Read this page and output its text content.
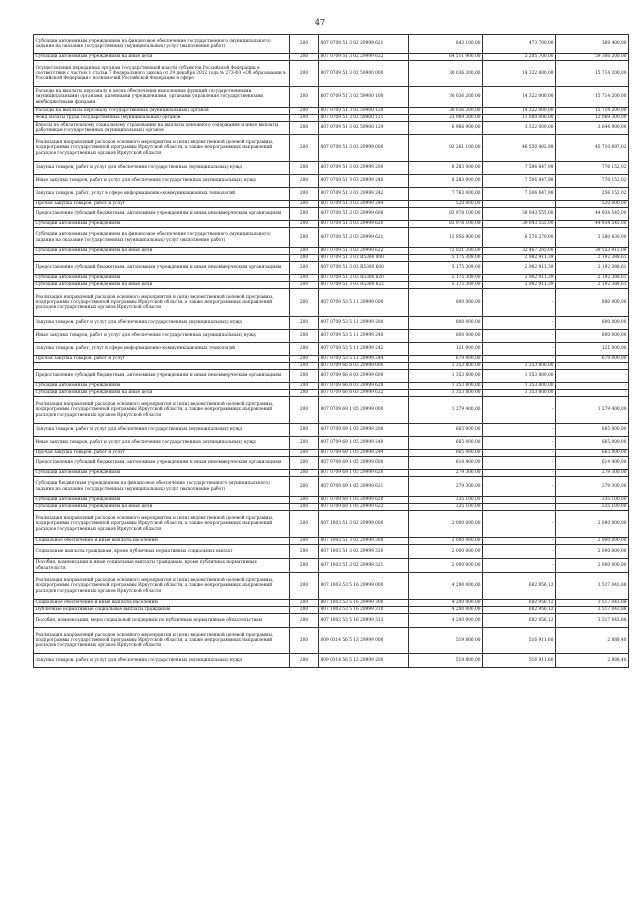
47
Субсидии автономным учреждениям на финансовое обеспечение государственного (муниципального) задания на оказание государственных (муниципальных) услуг (выполнение работ)	200	807 0709 51 3 02 29999 621	843 100,00	473 700,00	369 400,00
Субсидии автономным учреждениям на иные цели	200	807 0709 51 3 02 29999 622	64 511 900,00	5 205 700,00	59 306 200,00
Осуществление переданных органам государственной власти субъектов Российской Федерации в соответствии с частью 1 статьи 7 Федерального закона от 29 декабря 2012 года № 273-ФЗ «Об образовании в Российской Федерации» полномочий Российской Федерации в сфере	200	807 0709 51 3 02 59900 000	30 036 200,00	14 322 000,00	15 714 200,00
Расходы на выплаты персоналу в целях обеспечения выполнения функций государственными (муниципальными) органами, казенными учреждениями, органами управления государственными внебюджетными фондами	200	807 0709 51 3 02 59900 100	30 036 200,00	14 322 000,00	15 714 200,00
Расходы на выплаты персоналу государственных (муниципальных) органов	200	807 0709 51 3 02 59900 120	30 036 200,00	14 322 000,00	15 714 200,00
Фонд оплаты труда государственных (муниципальных) органов	200	807 0709 51 3 02 59900 121	23 069 300,00	11 000 000,00	12 069 300,00
Взносы по обязательному социальному страхованию на выплаты денежного содержания и иные выплаты работникам государственных (муниципальных) органов	200	807 0709 51 3 02 59900 129	6 966 900,00	3 322 000,00	3 644 900,00
Реализация направлений расходов основного мероприятия и (или) ведомственной целевой программы, подпрограммы государственной программы Иркутской области, а также непрограммных направлений расходов государственных органов Иркутской области	200	807 0709 51 3 03 29999 000	92 261 100,00	46 550 402,98	45 710 697,02
Закупка товаров, работ и услуг для обеспечения государственных (муниципальных) нужд	200	807 0709 51 3 03 29999 200	8 283 000,00	7 506 847,98	776 152,02
Иные закупки товаров, работ и услуг для обеспечения государственных (муниципальных) нужд	200	807 0709 51 3 03 29999 240	8 283 000,00	7 506 847,98	776 152,02
Закупка товаров, работ, услуг в сфере информационно-коммуникационных технологий	200	807 0709 51 3 03 29999 242	7 763 000,00	7 506 847,98	256 152,02
Прочая закупка товаров, работ и услуг	200	807 0709 51 3 03 29999 244	520 000,00	-	520 000,00
Предоставление субсидий бюджетным, автономным учреждениям и иным некоммерческим организациям	200	807 0709 51 3 03 29999 600	83 978 100,00	39 043 555,00	44 934 545,00
Субсидии автономным учреждениям	200	807 0709 51 3 03 29999 620	83 978 100,00	39 043 555,00	44 934 545,00
Субсидии автономным учреждениям на финансовое обеспечение государственного (муниципального) задания на оказание государственных (муниципальных) услуг (выполнение работ)	200	807 0709 51 3 03 29999 621	11 956 900,00	6 576 270,00	5 380 630,00
Субсидии автономным учреждениям на иные цели	200	807 0709 51 3 03 29999 622	72 021 200,00	32 467 285,00	39 553 915,00
	200	807 0709 51 3 03 R5380 000	5 175 309,00	2 982 911,39	2 192 388,61
Предоставление субсидий бюджетным, автономным учреждениям и иным некоммерческим организациям	200	807 0709 51 3 03 R5380 600	5 175 309,00	2 982 911,39	2 192 388,61
Субсидии автономным учреждениям	200	807 0709 51 3 03 R5380 620	5 175 309,00	2 982 911,39	2 192 388,61
Субсидии автономным учреждениям на иные цели	200	807 0709 51 3 03 R5380 622	5 175 309,00	2 982 911,39	2 192 388,61
Реализация направлений расходов основного мероприятия и (или) ведомственной целевой программы, подпрограммы государственной программы Иркутской области, а также непрограммных направлений расходов государственных органов Иркутской области	200	807 0709 53 5 11 29999 000	800 000,00	-	800 000,00
Закупка товаров, работ и услуг для обеспечения государственных (муниципальных) нужд	200	807 0709 53 5 11 29999 200	800 000,00	-	800 000,00
Иные закупки товаров, работ и услуг для обеспечения государственных (муниципальных) нужд	200	807 0709 53 5 11 29999 240	800 000,00	-	800 000,00
Закупка товаров, работ, услуг в сфере информационно-коммуникационных технологий	200	807 0709 53 5 11 29999 242	121 000,00	-	121 000,00
Прочая закупка товаров, работ и услуг	200	807 0709 53 5 11 29999 244	679 000,00	-	679 000,00
	200	807 0709 66 8 03 29999 000	1 353 800,00	1 353 800,00	-
Предоставление субсидий бюджетным, автономным учреждениям и иным некоммерческим организациям	200	807 0709 66 8 03 29999 600	1 353 800,00	1 353 800,00	-
Субсидии автономным учреждениям	200	807 0709 66 8 03 29999 620	1 353 800,00	1 353 800,00	-
Субсидии автономным учреждениям на иные цели	200	807 0709 66 8 03 29999 622	1 353 800,00	1 353 800,00	-
Реализация направлений расходов основного мероприятия и (или) ведомственной целевой программы, подпрограммы государственной программы Иркутской области, а также непрограммных направлений расходов государственных органов Иркутской области	200	807 0709 69 1 05 29999 000	1 279 400,00	-	1 279 400,00
Закупка товаров, работ и услуг для обеспечения государственных (муниципальных) нужд	200	807 0709 69 1 05 29999 200	665 000,00	-	665 000,00
Иные закупки товаров, работ и услуг для обеспечения государственных (муниципальных) нужд	200	807 0709 69 1 05 29999 240	665 000,00	-	665 000,00
Прочая закупка товаров, работ и услуг	200	807 0709 69 1 05 29999 244	665 000,00	-	665 000,00
Предоставление субсидий бюджетным, автономным учреждениям и иным некоммерческим организациям	200	807 0709 69 1 05 29999 600	614 400,00	-	614 400,00
Субсидии автономным учреждениям	200	807 0709 69 1 05 29999 620	279 300,00	-	279 300,00
Субсидии бюджетным учреждениям на финансовое обеспечение государственного (муниципального) задания на оказание государственных (муниципальных) услуг (выполнение работ)	200	807 0709 69 1 05 29999 621	279 300,00	-	279 300,00
Субсидии автономным учреждениям	200	807 0709 69 1 05 29999 620	335 100,00	-	335 100,00
Субсидии автономным учреждениям на иные цели	200	807 0709 69 1 05 29999 622	335 100,00	-	335 100,00
Реализация направлений расходов основного мероприятия и (или) ведомственной целевой программы, подпрограммы государственной программы Иркутской области, а также непрограммных направлений расходов государственных органов Иркутской области	200	807 1003 51 3 02 29999 000	2 000 000,00	-	2 000 000,00
Социальное обеспечение и иные выплаты населению	200	807 1003 51 3 02 29999 300	2 000 000,00	-	2 000 000,00
Социальные выплаты гражданам, кроме публичных нормативных социальных выплат	200	807 1003 51 3 02 29999 320	2 000 000,00	-	2 000 000,00
Пособия, компенсации и иные социальные выплаты гражданам, кроме публичных нормативных обязательств	200	807 1003 51 3 02 29999 321	2 000 000,00	-	2 000 000,00
Реализация направлений расходов основного мероприятия и (или) ведомственной целевой программы, подпрограммы государственной программы Иркутской области, а также непрограммных направлений расходов государственных органов Иркутской области	200	807 1003 53 5 16 29999 000	4 200 000,00	682 956,12	3 517 043,88
Социальное обеспечение и иные выплаты населению	200	807 1003 53 5 16 29999 300	4 200 000,00	682 956,12	3 517 043,88
Публичные нормативные социальные выплаты гражданам	200	807 1003 53 5 16 29999 310	4 200 000,00	682 956,12	3 517 043,88
Пособия, компенсации, меры социальной поддержки по публичным нормативным обязательствам	200	807 1003 53 5 16 29999 313	4 200 000,00	682 956,12	3 517 043,88
Реализация направлений расходов основного мероприятия и (или) ведомственной целевой программы, подпрограммы государственной программы Иркутской области, а также непрограммных направлений расходов государственных органов Иркутской области	200	809 0314 56 5 13 29999 000	519 800,00	516 911,60	2 888,40
Закупка товаров, работ и услуг для обеспечения государственных (муниципальных) нужд	200	809 0314 56 5 13 29999 200	519 800,00	516 911,60	2 888,40
